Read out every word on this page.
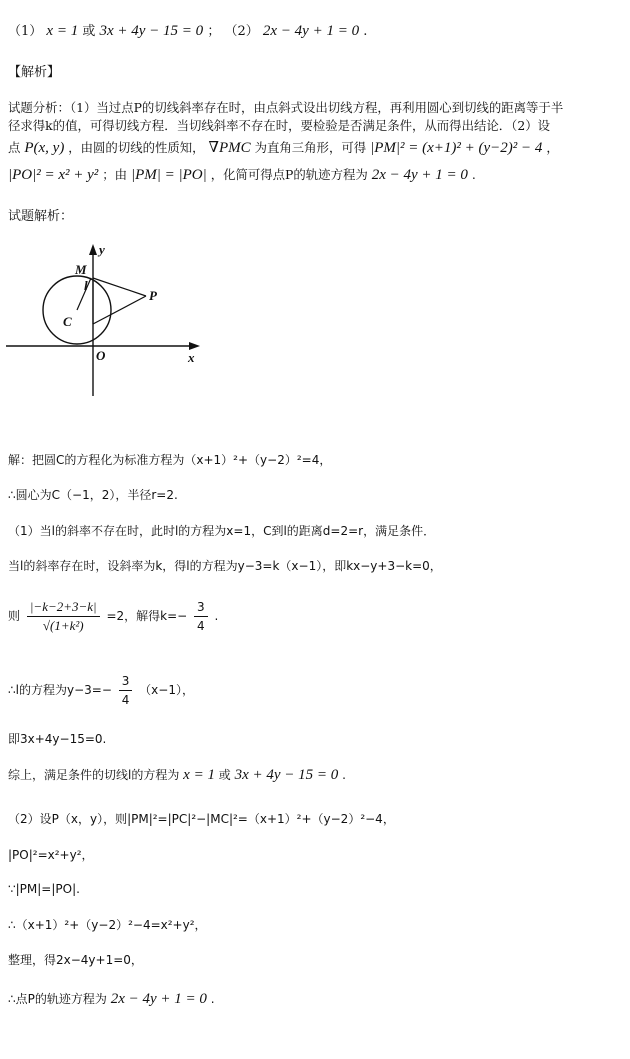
（1） x = 1 或 3x + 4y − 15 = 0 ； （2） 2x − 4y + 1 = 0 .
【解析】
试题分析：（1）当过点P的切线斜率存在时，由点斜式设出切线方程，再利用圆心到切线的距离等于半
径求得k的值，可得切线方程．当切线斜率不存在时，要检验是否满足条件，从而得出结论．（2）设
点 P(x, y) ，由圆的切线的性质知， ∇PMC 为直角三角形，可得 |PM|² = (x+1)² + (y−2)² − 4 ，
|PO|² = x² + y² ；由 |PM| = |PO| ，化简可得点P的轨迹方程为 2x − 4y + 1 = 0 .
试题解析：
y
x
O
M
l
P
C
解：把圆C的方程化为标准方程为（x+1）²+（y−2）²=4，
∴圆心为C（−1，2），半径r=2.
（1）当l的斜率不存在时，此时l的方程为x=1，C到l的距离d=2=r，满足条件．
当l的斜率存在时，设斜率为k，得l的方程为y−3=k（x−1），即kx−y+3−k=0，
则 $\frac{|-k-2+3-k|}{\text{√(1+k²)}} =2$，解得$k=- \frac{3}{4}$ .
∴l的方程为$y-3=- \frac{3}{4} (x-1)$，
即3x+4y−15=0.
综上，满足条件的切线l的方程为 x = 1 或 3x + 4y − 15 = 0 .
（2）设P（x，y），则|PM|²=|PC|²−|MC|²=（x+1）²+（y−2）²−4，
|PO|²=x²+y²，
∵|PM|=|PO|.
∴（x+1）²+（y−2）²−4=x²+y²，
整理，得2x−4y+1=0，
∴点P的轨迹方程为 2x − 4y + 1 = 0 .
